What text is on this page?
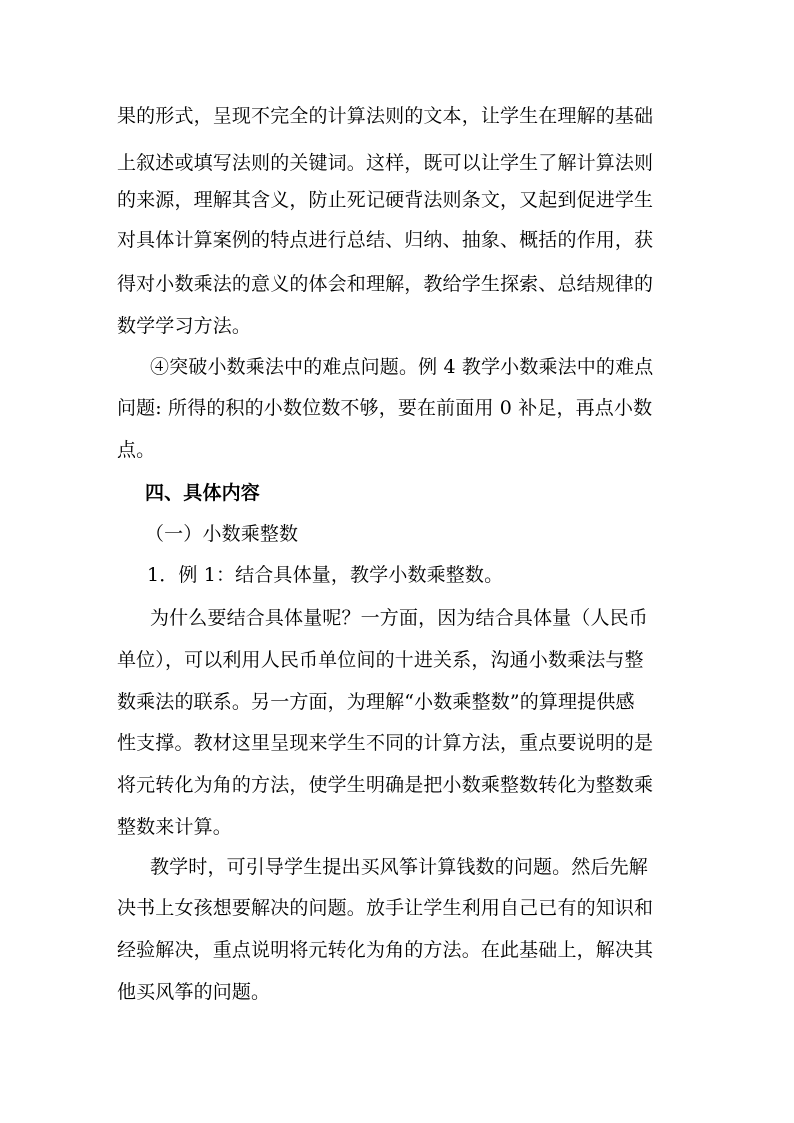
果的形式，呈现不完全的计算法则的文本，让学生在理解的基础
上叙述或填写法则的关键词。这样，既可以让学生了解计算法则
的来源，理解其含义，防止死记硬背法则条文，又起到促进学生
对具体计算案例的特点进行总结、归纳、抽象、概括的作用，获
得对小数乘法的意义的体会和理解，教给学生探索、总结规律的
数学学习方法。
④突破小数乘法中的难点问题。例 4 教学小数乘法中的难点
问题: 所得的积的小数位数不够，要在前面用 0 补足，再点小数
点。
四、具体内容
（一）小数乘整数
1．例 1：结合具体量，教学小数乘整数。
为什么要结合具体量呢？一方面，因为结合具体量（人民币
单位），可以利用人民币单位间的十进关系，沟通小数乘法与整
数乘法的联系。另一方面，为理解“小数乘整数”的算理提供感
性支撑。教材这里呈现来学生不同的计算方法，重点要说明的是
将元转化为角的方法，使学生明确是把小数乘整数转化为整数乘
整数来计算。
教学时，可引导学生提出买风筝计算钱数的问题。然后先解
决书上女孩想要解决的问题。放手让学生利用自己已有的知识和
经验解决，重点说明将元转化为角的方法。在此基础上，解决其
他买风筝的问题。
